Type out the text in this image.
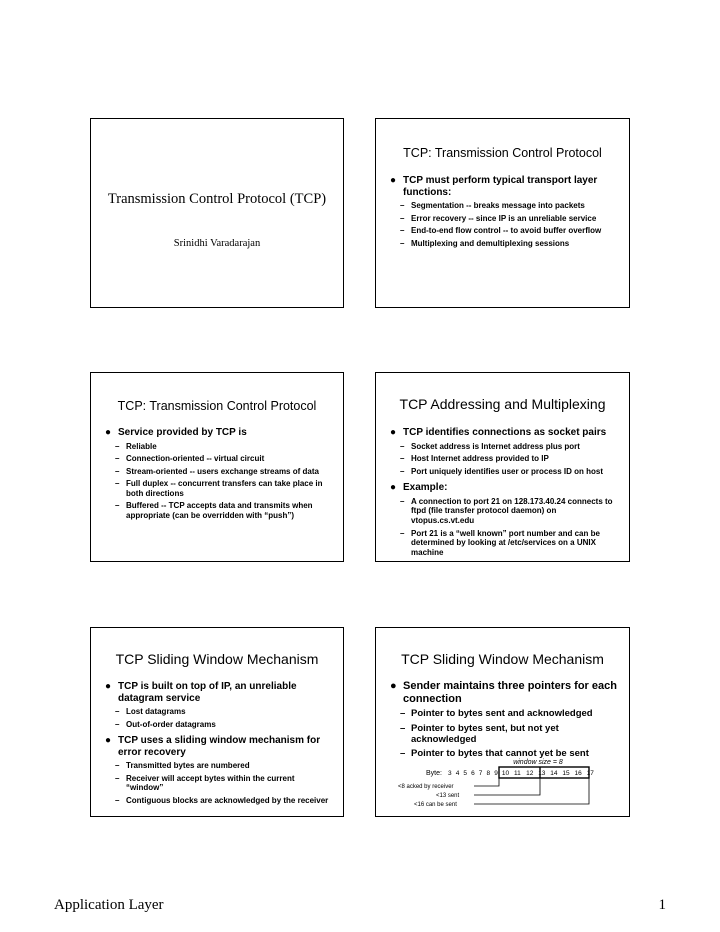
Transmission Control Protocol (TCP)
Srinidhi Varadarajan
TCP: Transmission Control Protocol
● TCP must perform typical transport layer functions:
– Segmentation -- breaks message into packets
– Error recovery -- since IP is an unreliable service
– End-to-end flow control -- to avoid buffer overflow
– Multiplexing and demultiplexing sessions
TCP: Transmission Control Protocol
● Service provided by TCP is
– Reliable
– Connection-oriented -- virtual circuit
– Stream-oriented -- users exchange streams of data
– Full duplex -- concurrent transfers can take place in both directions
– Buffered -- TCP accepts data and transmits when appropriate (can be overridden with “push”)
TCP Addressing and Multiplexing
● TCP identifies connections as socket pairs
– Socket address is Internet address plus port
– Host Internet address provided to IP
– Port uniquely identifies user or process ID on host
● Example:
– A connection to port 21 on 128.173.40.24 connects to ftpd (file transfer protocol daemon) on vtopus.cs.vt.edu
– Port 21 is a “well known” port number and can be determined by looking at /etc/services on a UNIX machine
TCP Sliding Window Mechanism
● TCP is built on top of IP, an unreliable datagram service
– Lost datagrams
– Out-of-order datagrams
● TCP uses a sliding window mechanism for error recovery
– Transmitted bytes are numbered
– Receiver will accept bytes within the current “window”
– Contiguous blocks are acknowledged by the receiver
TCP Sliding Window Mechanism
● Sender maintains three pointers for each connection
– Pointer to bytes sent and acknowledged
– Pointer to bytes sent, but not yet acknowledged
– Pointer to bytes that cannot yet be sent
window size = 8
Byte: 3 4 5 6 7 8 9 10 11 12 13 14 15 16 17
<8 acked by receiver
<13 sent
<16 can be sent
Application Layer	1
